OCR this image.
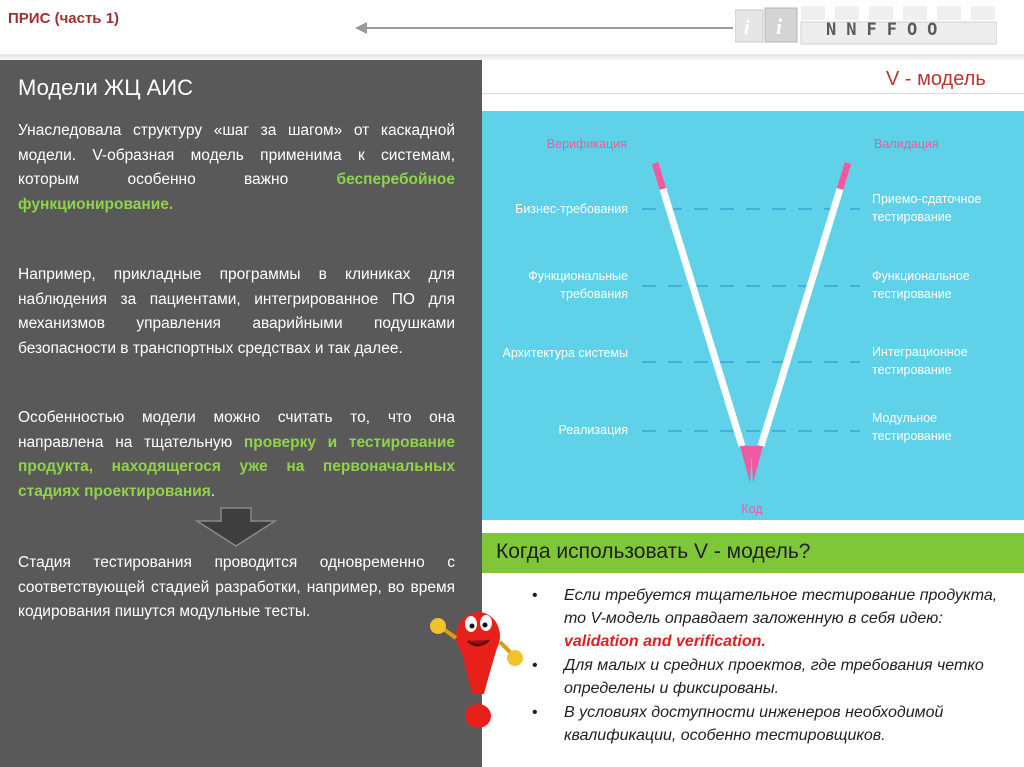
ПРИС (часть 1)	i i	NNFFOO
Модели ЖЦ АИС
Унаследовала структуру «шаг за шагом» от каскадной модели. V-образная модель применима к системам, которым особенно важно	бесперебойное функционирование.
Например, прикладные программы в клиниках для наблюдения за пациентами, интегрированное ПО для механизмов управления аварийными подушками безопасности в транспортных средствах и так далее.
Особенностью модели можно считать то, что она направлена на тщательную проверку и тестирование продукта, находящегося уже на первоначальных стадиях проектирования.
Стадия тестирования проводится одновременно с соответствующей стадией разработки, например, во время кодирования пишутся модульные тесты.
V - модель
Верификация	Валидация
Бизнес-требования
Функциональные требования
Архитектура системы
Реализация
Приемо-сдаточное тестирование
Функциональное тестирование
Интеграционное тестирование
Модульное тестирование
Код
Когда использовать V - модель?
• Если требуется тщательное тестирование продукта, то V-модель оправдает заложенную в себя идею: validation and verification.
• Для малых и средних проектов, где требования четко определены и фиксированы.
• В условиях доступности инженеров необходимой квалификации, особенно тестировщиков.
